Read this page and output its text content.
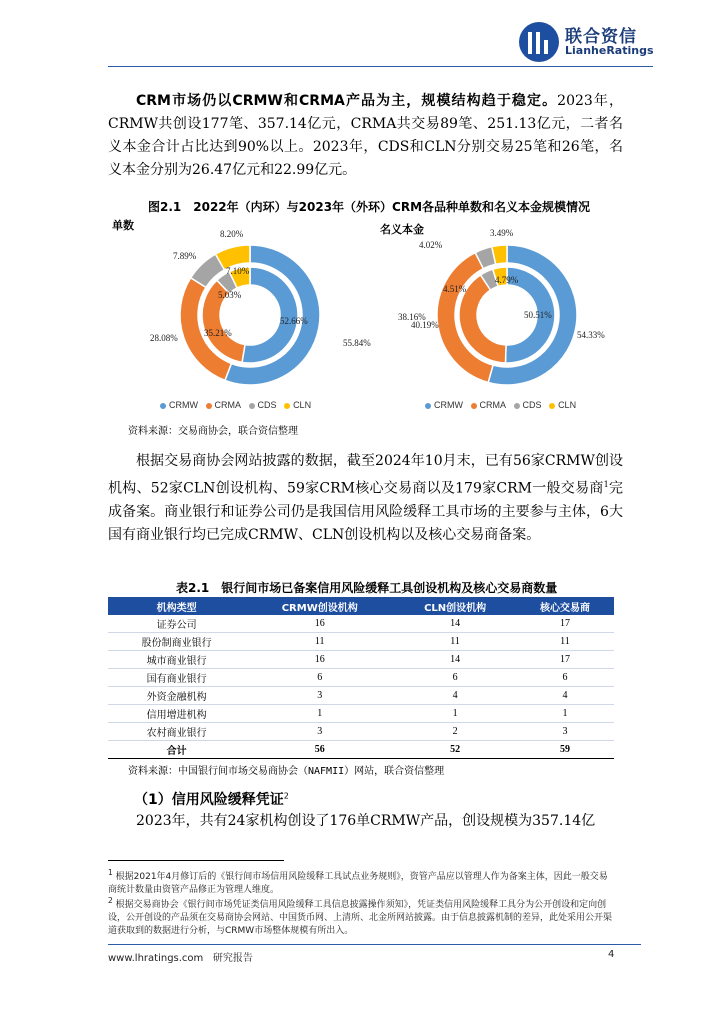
联合资信
LianheRatings
CRM市场仍以CRMW和CRMA产品为主，规模结构趋于稳定。2023年，CRMW共创设177笔、357.14亿元，CRMA共交易89笔、251.13亿元，二者名义本金合计占比达到90%以上。2023年，CDS和CLN分别交易25笔和26笔，名义本金分别为26.47亿元和22.99亿元。
图2.1　2022年（内环）与2023年（外环）CRM各品种单数和名义本金规模情况
单数	名义本金
55.84%
28.08%
7.89%
8.20%
52.66%
35.21%
5.03%
7.10%
54.33%
38.16%
4.02%
3.49%
50.51%
40.19%
4.51%
4.79%
CRMW CRMA CDS CLN	CRMW CRMA CDS CLN
资料来源：交易商协会，联合资信整理
根据交易商协会网站披露的数据，截至2024年10月末，已有56家CRMW创设机构、52家CLN创设机构、59家CRM核心交易商以及179家CRM一般交易商$^1$完成备案。商业银行和证券公司仍是我国信用风险缓释工具市场的主要参与主体，6大国有商业银行均已完成CRMW、CLN创设机构以及核心交易商备案。
表2.1　银行间市场已备案信用风险缓释工具创设机构及核心交易商数量
机构类型	CRMW创设机构	CLN创设机构	核心交易商
证券公司	16	14	17
股份制商业银行	11	11	11
城市商业银行	16	14	17
国有商业银行	6	6	6
外资金融机构	3	4	4
信用增进机构	1	1	1
农村商业银行	3	2	3
合计	56	52	59
资料来源：中国银行间市场交易商协会（NAFMII）网站，联合资信整理
（1）信用风险缓释凭证$^2$
2023年，共有24家机构创设了176单CRMW产品，创设规模为357.14亿
$^1$ 根据2021年4月修订后的《银行间市场信用风险缓释工具试点业务规则》，资管产品应以管理人作为备案主体，因此一般交易商统计数量由资管产品修正为管理人维度。
$^2$ 根据交易商协会《银行间市场凭证类信用风险缓释工具信息披露操作须知》，凭证类信用风险缓释工具分为公开创设和定向创设，公开创设的产品须在交易商协会网站、中国货币网、上清所、北金所网站披露。由于信息披露机制的差异，此处采用公开渠道获取到的数据进行分析，与CRMW市场整体规模有所出入。
www.lhratings.com 研究报告	4
